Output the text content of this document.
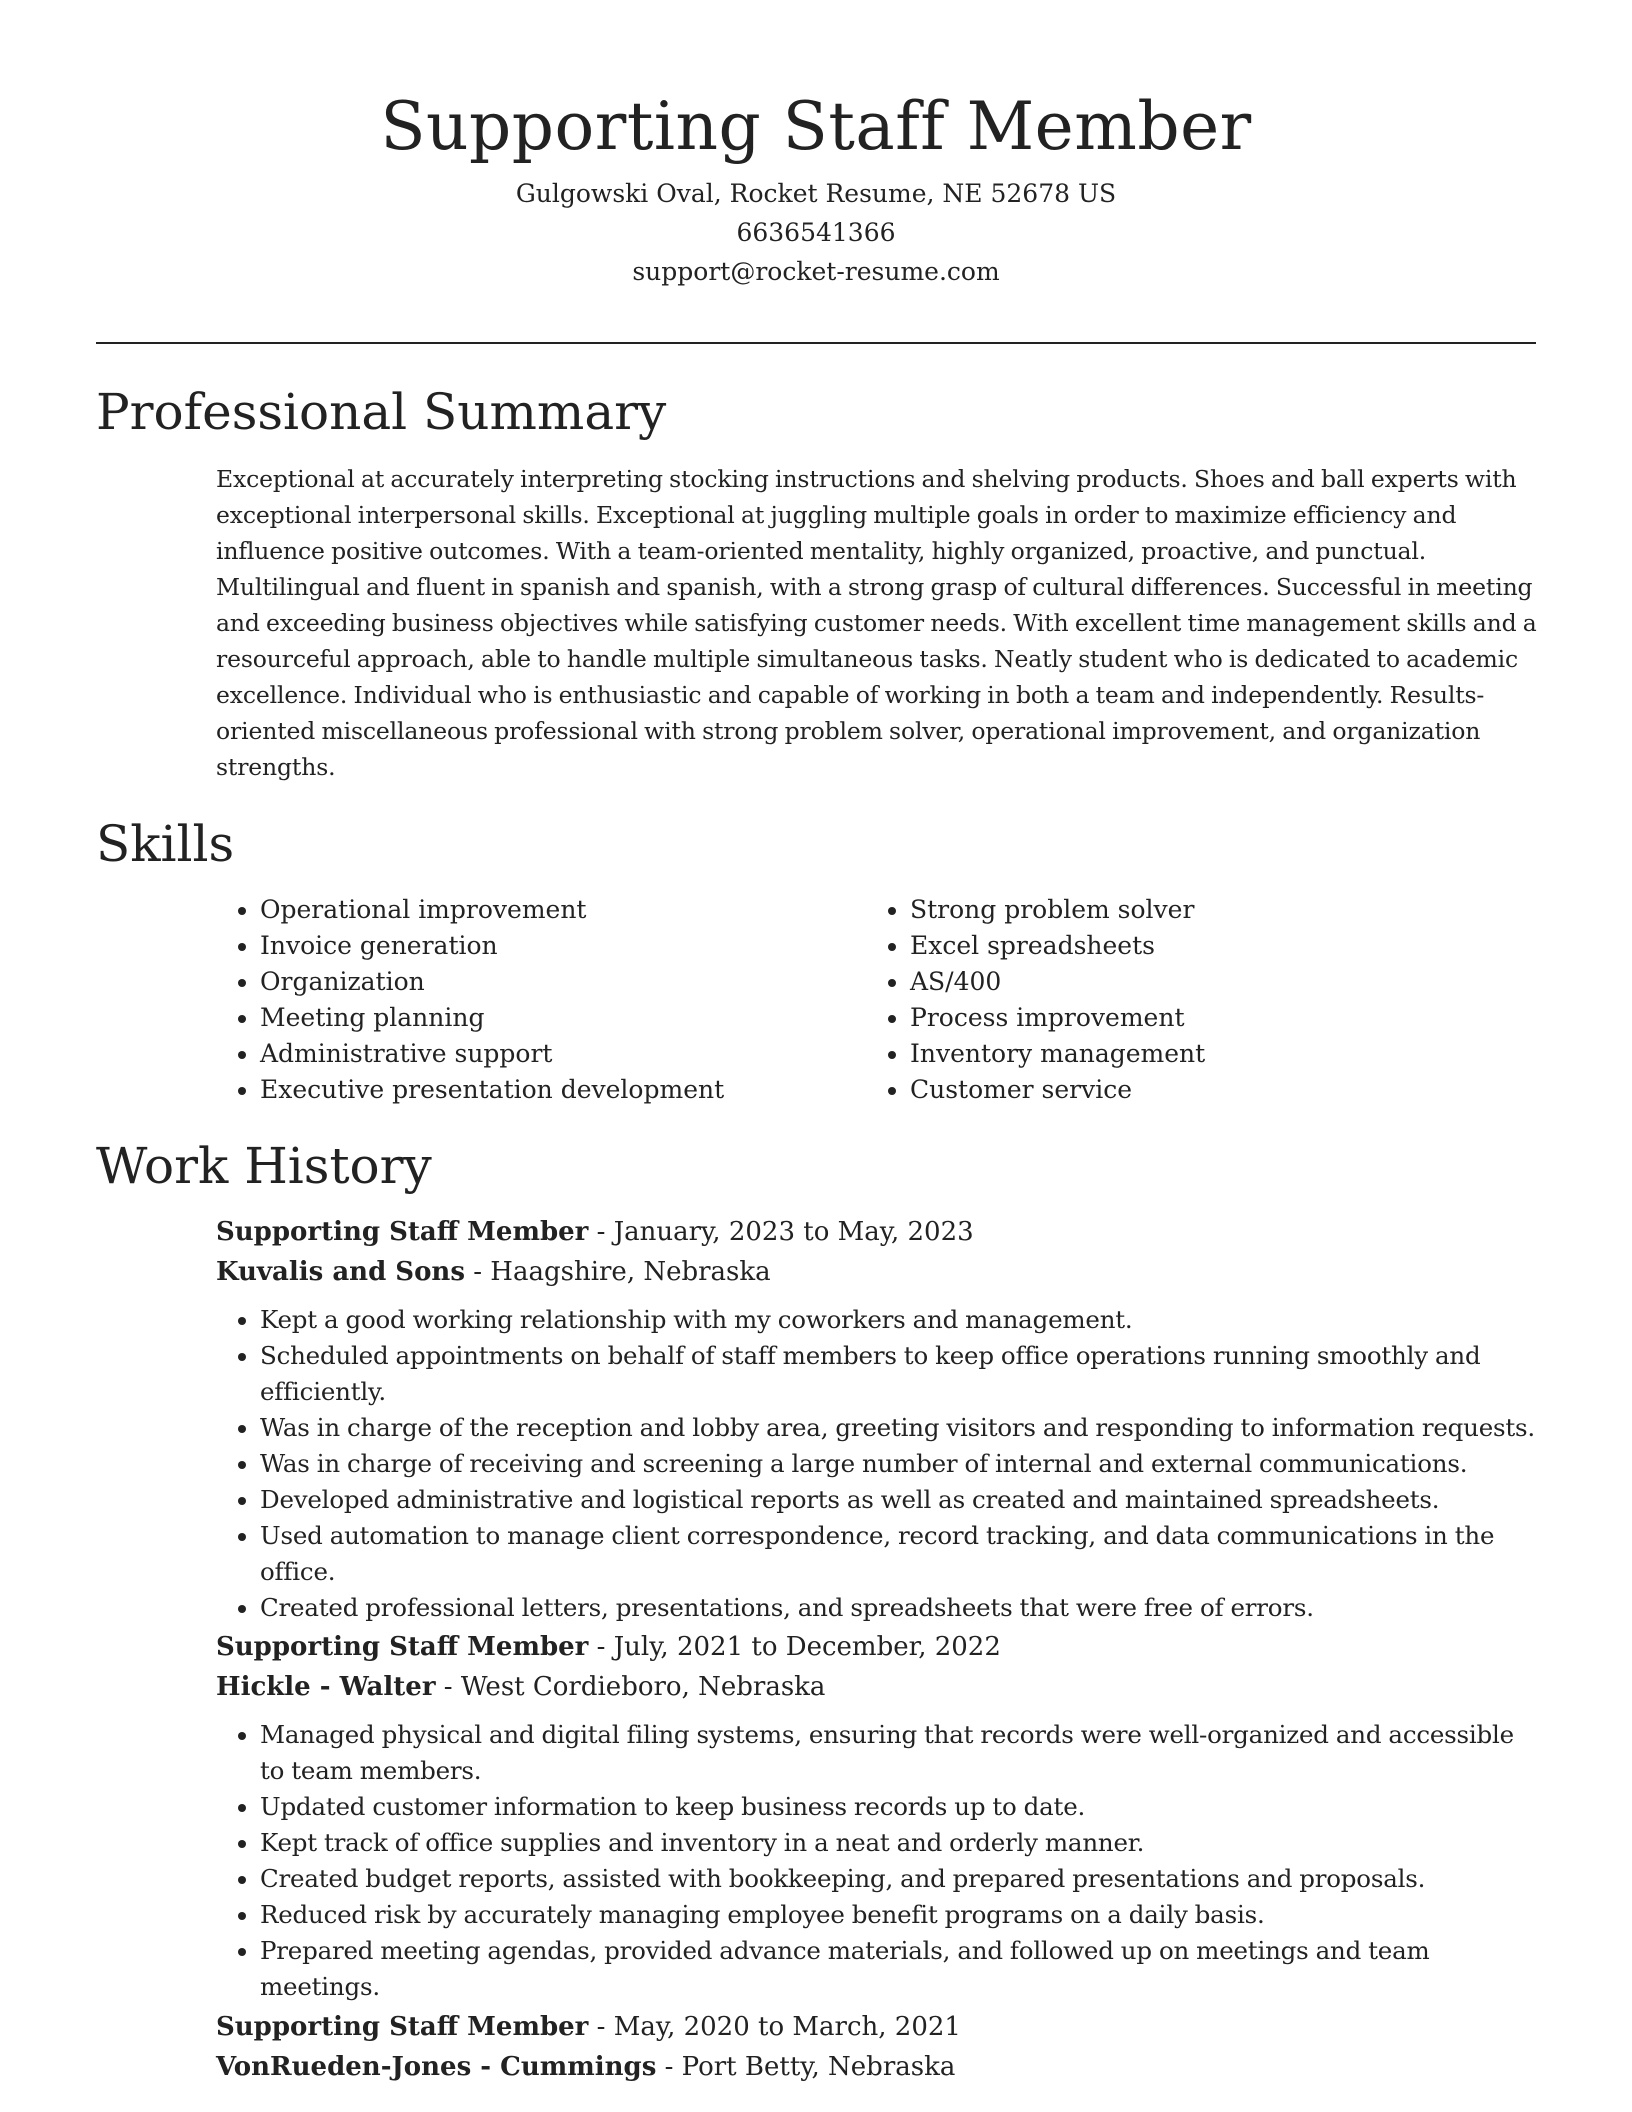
Supporting Staff Member
Gulgowski Oval, Rocket Resume, NE 52678 US
6636541366
support@rocket-resume.com
Professional Summary

Exceptional at accurately interpreting stocking instructions and shelving products. Shoes and ball experts with exceptional interpersonal skills. Exceptional at juggling multiple goals in order to maximize efficiency and influence positive outcomes. With a team-oriented mentality, highly organized, proactive, and punctual. Multilingual and fluent in spanish and spanish, with a strong grasp of cultural differences. Successful in meeting and exceeding business objectives while satisfying customer needs. With excellent time management skills and a resourceful approach, able to handle multiple simultaneous tasks. Neatly student who is dedicated to academic excellence. Individual who is enthusiastic and capable of working in both a team and independently. Results-oriented miscellaneous professional with strong problem solver, operational improvement, and organization strengths.

Skills
• Operational improvement
• Invoice generation
• Organization
• Meeting planning
• Administrative support
• Executive presentation development
• Strong problem solver
• Excel spreadsheets
• AS/400
• Process improvement
• Inventory management
• Customer service
Work History
Supporting Staff Member - January, 2023 to May, 2023
Kuvalis and Sons - Haagshire, Nebraska
• Kept a good working relationship with my coworkers and management.
• Scheduled appointments on behalf of staff members to keep office operations running smoothly and efficiently.
• Was in charge of the reception and lobby area, greeting visitors and responding to information requests.
• Was in charge of receiving and screening a large number of internal and external communications.
• Developed administrative and logistical reports as well as created and maintained spreadsheets.
• Used automation to manage client correspondence, record tracking, and data communications in the office.
• Created professional letters, presentations, and spreadsheets that were free of errors.
Supporting Staff Member - July, 2021 to December, 2022
Hickle - Walter - West Cordieboro, Nebraska
• Managed physical and digital filing systems, ensuring that records were well-organized and accessible to team members.
• Updated customer information to keep business records up to date.
• Kept track of office supplies and inventory in a neat and orderly manner.
• Created budget reports, assisted with bookkeeping, and prepared presentations and proposals.
• Reduced risk by accurately managing employee benefit programs on a daily basis.
• Prepared meeting agendas, provided advance materials, and followed up on meetings and team meetings.
Supporting Staff Member - May, 2020 to March, 2021
VonRueden-Jones - Cummings - Port Betty, Nebraska
